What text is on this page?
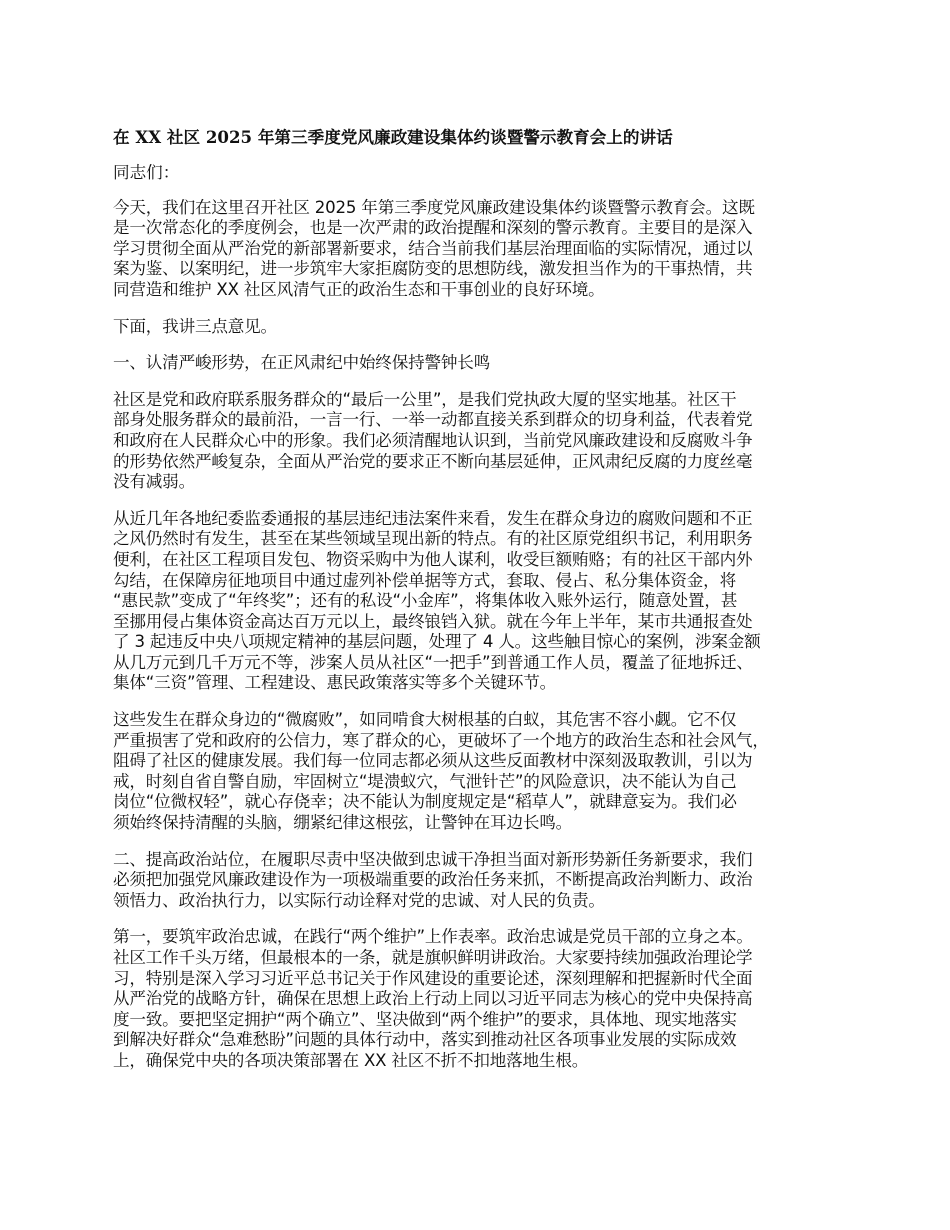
在 XX 社区 2025 年第三季度党风廉政建设集体约谈暨警示教育会上的讲话
同志们：
今天，我们在这里召开社区 2025 年第三季度党风廉政建设集体约谈暨警示教育会。这既
是一次常态化的季度例会，也是一次严肃的政治提醒和深刻的警示教育。主要目的是深入
学习贯彻全面从严治党的新部署新要求，结合当前我们基层治理面临的实际情况，通过以
案为鉴、以案明纪，进一步筑牢大家拒腐防变的思想防线，激发担当作为的干事热情，共
同营造和维护 XX 社区风清气正的政治生态和干事创业的良好环境。
下面，我讲三点意见。
一、认清严峻形势，在正风肃纪中始终保持警钟长鸣
社区是党和政府联系服务群众的“最后一公里”，是我们党执政大厦的坚实地基。社区干
部身处服务群众的最前沿，一言一行、一举一动都直接关系到群众的切身利益，代表着党
和政府在人民群众心中的形象。我们必须清醒地认识到，当前党风廉政建设和反腐败斗争
的形势依然严峻复杂，全面从严治党的要求正不断向基层延伸，正风肃纪反腐的力度丝毫
没有减弱。
从近几年各地纪委监委通报的基层违纪违法案件来看，发生在群众身边的腐败问题和不正
之风仍然时有发生，甚至在某些领域呈现出新的特点。有的社区原党组织书记，利用职务
便利，在社区工程项目发包、物资采购中为他人谋利，收受巨额贿赂；有的社区干部内外
勾结，在保障房征地项目中通过虚列补偿单据等方式，套取、侵占、私分集体资金，将
“惠民款”变成了“年终奖”；还有的私设“小金库”，将集体收入账外运行，随意处置，甚
至挪用侵占集体资金高达百万元以上，最终锒铛入狱。就在今年上半年，某市共通报查处
了 3 起违反中央八项规定精神的基层问题，处理了 4 人。这些触目惊心的案例，涉案金额
从几万元到几千万元不等，涉案人员从社区“一把手”到普通工作人员，覆盖了征地拆迁、
集体“三资”管理、工程建设、惠民政策落实等多个关键环节。
这些发生在群众身边的“微腐败”，如同啃食大树根基的白蚁，其危害不容小觑。它不仅
严重损害了党和政府的公信力，寒了群众的心，更破坏了一个地方的政治生态和社会风气，
阻碍了社区的健康发展。我们每一位同志都必须从这些反面教材中深刻汲取教训，引以为
戒，时刻自省自警自励，牢固树立“堤溃蚁穴，气泄针芒”的风险意识，决不能认为自己
岗位“位微权轻”，就心存侥幸；决不能认为制度规定是“稻草人”，就肆意妄为。我们必
须始终保持清醒的头脑，绷紧纪律这根弦，让警钟在耳边长鸣。
二、提高政治站位，在履职尽责中坚决做到忠诚干净担当面对新形势新任务新要求，我们
必须把加强党风廉政建设作为一项极端重要的政治任务来抓，不断提高政治判断力、政治
领悟力、政治执行力，以实际行动诠释对党的忠诚、对人民的负责。
第一，要筑牢政治忠诚，在践行“两个维护”上作表率。政治忠诚是党员干部的立身之本。
社区工作千头万绪，但最根本的一条，就是旗帜鲜明讲政治。大家要持续加强政治理论学
习，特别是深入学习习近平总书记关于作风建设的重要论述，深刻理解和把握新时代全面
从严治党的战略方针，确保在思想上政治上行动上同以习近平同志为核心的党中央保持高
度一致。要把坚定拥护“两个确立”、坚决做到“两个维护”的要求，具体地、现实地落实
到解决好群众“急难愁盼”问题的具体行动中，落实到推动社区各项事业发展的实际成效
上，确保党中央的各项决策部署在 XX 社区不折不扣地落地生根。
